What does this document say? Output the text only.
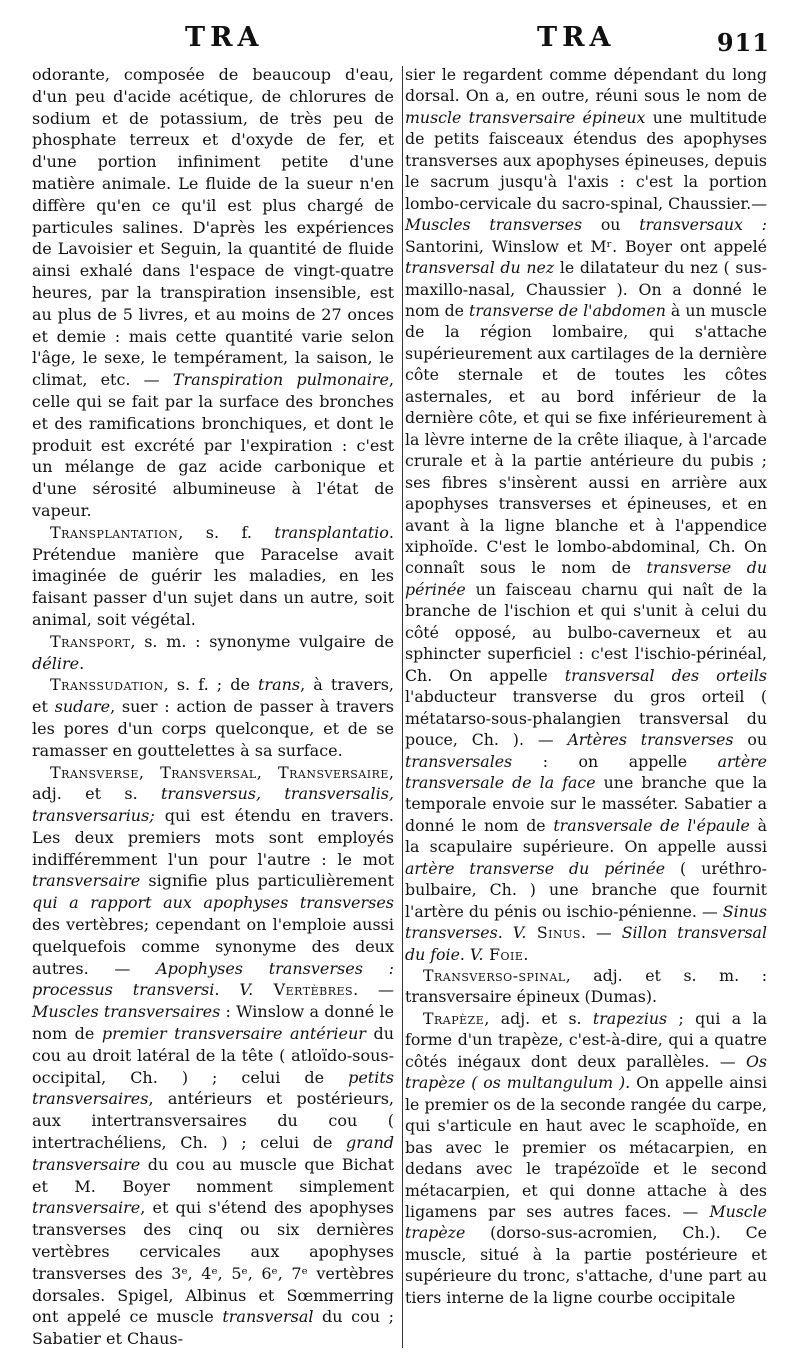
TRA	TRA	911

odorante, composée de beaucoup d'eau, d'un peu d'acide acétique, de chlorures de sodium et de potassium, de très peu de phosphate terreux et d'oxyde de fer, et d'une portion infiniment petite d'une matière animale. Le fluide de la sueur n'en diffère qu'en ce qu'il est plus chargé de particules salines. D'après les expériences de Lavoisier et Seguin, la quantité de fluide ainsi exhalé dans l'espace de vingt-quatre heures, par la transpiration insensible, est au plus de 5 livres, et au moins de 27 onces et demie : mais cette quantité varie selon l'âge, le sexe, le tempérament, la saison, le climat, etc. — Transpiration pulmonaire, celle qui se fait par la surface des bronches et des ramifications bronchiques, et dont le produit est excrété par l'expiration : c'est un mélange de gaz acide carbonique et d'une sérosité albumineuse à l'état de vapeur.

Transplantation, s. f. transplantatio. Prétendue manière que Paracelse avait imaginée de guérir les maladies, en les faisant passer d'un sujet dans un autre, soit animal, soit végétal.

Transport, s. m. : synonyme vulgaire de délire.

Transsudation, s. f. ; de trans, à travers, et sudare, suer : action de passer à travers les pores d'un corps quelconque, et de se ramasser en gouttelettes à sa surface.

Transverse, Transversal, Transversaire, adj. et s. transversus, transversalis, transversarius; qui est étendu en travers. Les deux premiers mots sont employés indifféremment l'un pour l'autre : le mot transversaire signifie plus particulièrement qui a rapport aux apophyses transverses des vertèbres; cependant on l'emploie aussi quelquefois comme synonyme des deux autres. — Apophyses transverses : processus transversi. V. Vertèbres. — Muscles transversaires : Winslow a donné le nom de premier transversaire antérieur du cou au droit latéral de la tête ( atloïdo-sous-occipital, Ch. ) ; celui de petits transversaires, antérieurs et postérieurs, aux intertransversaires du cou ( intertrachéliens, Ch. ) ; celui de grand transversaire du cou au muscle que Bichat et M. Boyer nomment simplement transversaire, et qui s'étend des apophyses transverses des cinq ou six dernières vertèbres cervicales aux apophyses transverses des 3ᵉ, 4ᵉ, 5ᵉ, 6ᵉ, 7ᵉ vertèbres dorsales. Spigel, Albinus et Sœmmerring ont appelé ce muscle transversal du cou ; Sabatier et Chaus-

sier le regardent comme dépendant du long dorsal. On a, en outre, réuni sous le nom de muscle transversaire épineux une multitude de petits faisceaux étendus des apophyses transverses aux apophyses épineuses, depuis le sacrum jusqu'à l'axis : c'est la portion lombo-cervicale du sacro-spinal, Chaussier.— Muscles transverses ou transversaux : Santorini, Winslow et Mʳ. Boyer ont appelé transversal du nez le dilatateur du nez ( sus-maxillo-nasal, Chaussier ). On a donné le nom de transverse de l'abdomen à un muscle de la région lombaire, qui s'attache supérieurement aux cartilages de la dernière côte sternale et de toutes les côtes asternales, et au bord inférieur de la dernière côte, et qui se fixe inférieurement à la lèvre interne de la crête iliaque, à l'arcade crurale et à la partie antérieure du pubis ; ses fibres s'insèrent aussi en arrière aux apophyses transverses et épineuses, et en avant à la ligne blanche et à l'appendice xiphoïde. C'est le lombo-abdominal, Ch. On connaît sous le nom de transverse du périnée un faisceau charnu qui naît de la branche de l'ischion et qui s'unit à celui du côté opposé, au bulbo-caverneux et au sphincter superficiel : c'est l'ischio-périnéal, Ch. On appelle transversal des orteils l'abducteur transverse du gros orteil ( métatarso-sous-phalangien transversal du pouce, Ch. ). — Artères transverses ou transversales : on appelle artère transversale de la face une branche que la temporale envoie sur le masséter. Sabatier a donné le nom de transversale de l'épaule à la scapulaire supérieure. On appelle aussi artère transverse du périnée ( uréthro-bulbaire, Ch. ) une branche que fournit l'artère du pénis ou ischio-pénienne. — Sinus transverses. V. Sinus. — Sillon transversal du foie. V. Foie.

Transverso-spinal, adj. et s. m. : transversaire épineux (Dumas).

Trapèze, adj. et s. trapezius ; qui a la forme d'un trapèze, c'est-à-dire, qui a quatre côtés inégaux dont deux parallèles. — Os trapèze ( os multangulum ). On appelle ainsi le premier os de la seconde rangée du carpe, qui s'articule en haut avec le scaphoïde, en bas avec le premier os métacarpien, en dedans avec le trapézoïde et le second métacarpien, et qui donne attache à des ligamens par ses autres faces. — Muscle trapèze (dorso-sus-acromien, Ch.). Ce muscle, situé à la partie postérieure et supérieure du tronc, s'attache, d'une part au tiers interne de la ligne courbe occipitale
